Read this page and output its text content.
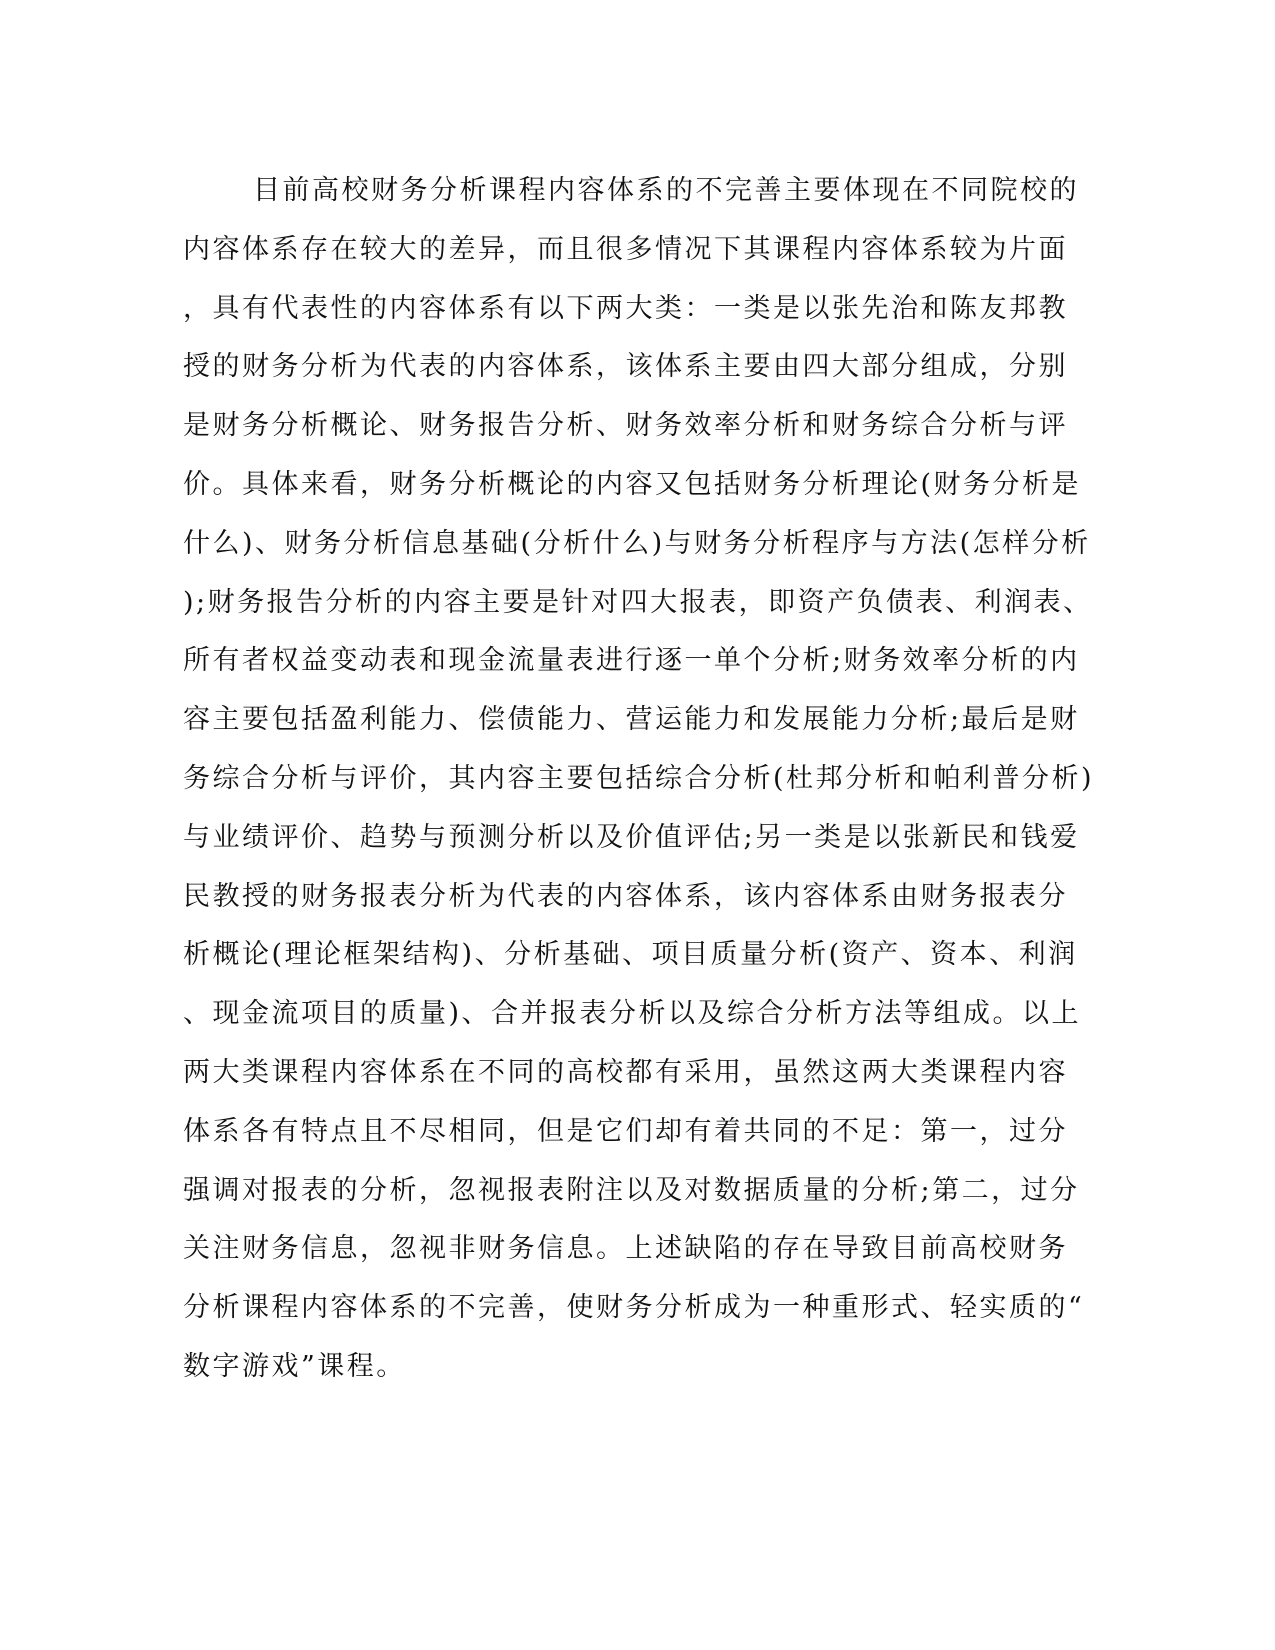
目前高校财务分析课程内容体系的不完善主要体现在不同院校的
内容体系存在较大的差异，而且很多情况下其课程内容体系较为片面
，具有代表性的内容体系有以下两大类：一类是以张先治和陈友邦教
授的财务分析为代表的内容体系，该体系主要由四大部分组成，分别
是财务分析概论、财务报告分析、财务效率分析和财务综合分析与评
价。具体来看，财务分析概论的内容又包括财务分析理论(财务分析是
什么)、财务分析信息基础(分析什么)与财务分析程序与方法(怎样分析
);财务报告分析的内容主要是针对四大报表，即资产负债表、利润表、
所有者权益变动表和现金流量表进行逐一单个分析;财务效率分析的内
容主要包括盈利能力、偿债能力、营运能力和发展能力分析;最后是财
务综合分析与评价，其内容主要包括综合分析(杜邦分析和帕利普分析)
与业绩评价、趋势与预测分析以及价值评估;另一类是以张新民和钱爱
民教授的财务报表分析为代表的内容体系，该内容体系由财务报表分
析概论(理论框架结构)、分析基础、项目质量分析(资产、资本、利润
、现金流项目的质量)、合并报表分析以及综合分析方法等组成。以上
两大类课程内容体系在不同的高校都有采用，虽然这两大类课程内容
体系各有特点且不尽相同，但是它们却有着共同的不足：第一，过分
强调对报表的分析，忽视报表附注以及对数据质量的分析;第二，过分
关注财务信息，忽视非财务信息。上述缺陷的存在导致目前高校财务
分析课程内容体系的不完善，使财务分析成为一种重形式、轻实质的“
数字游戏”课程。
